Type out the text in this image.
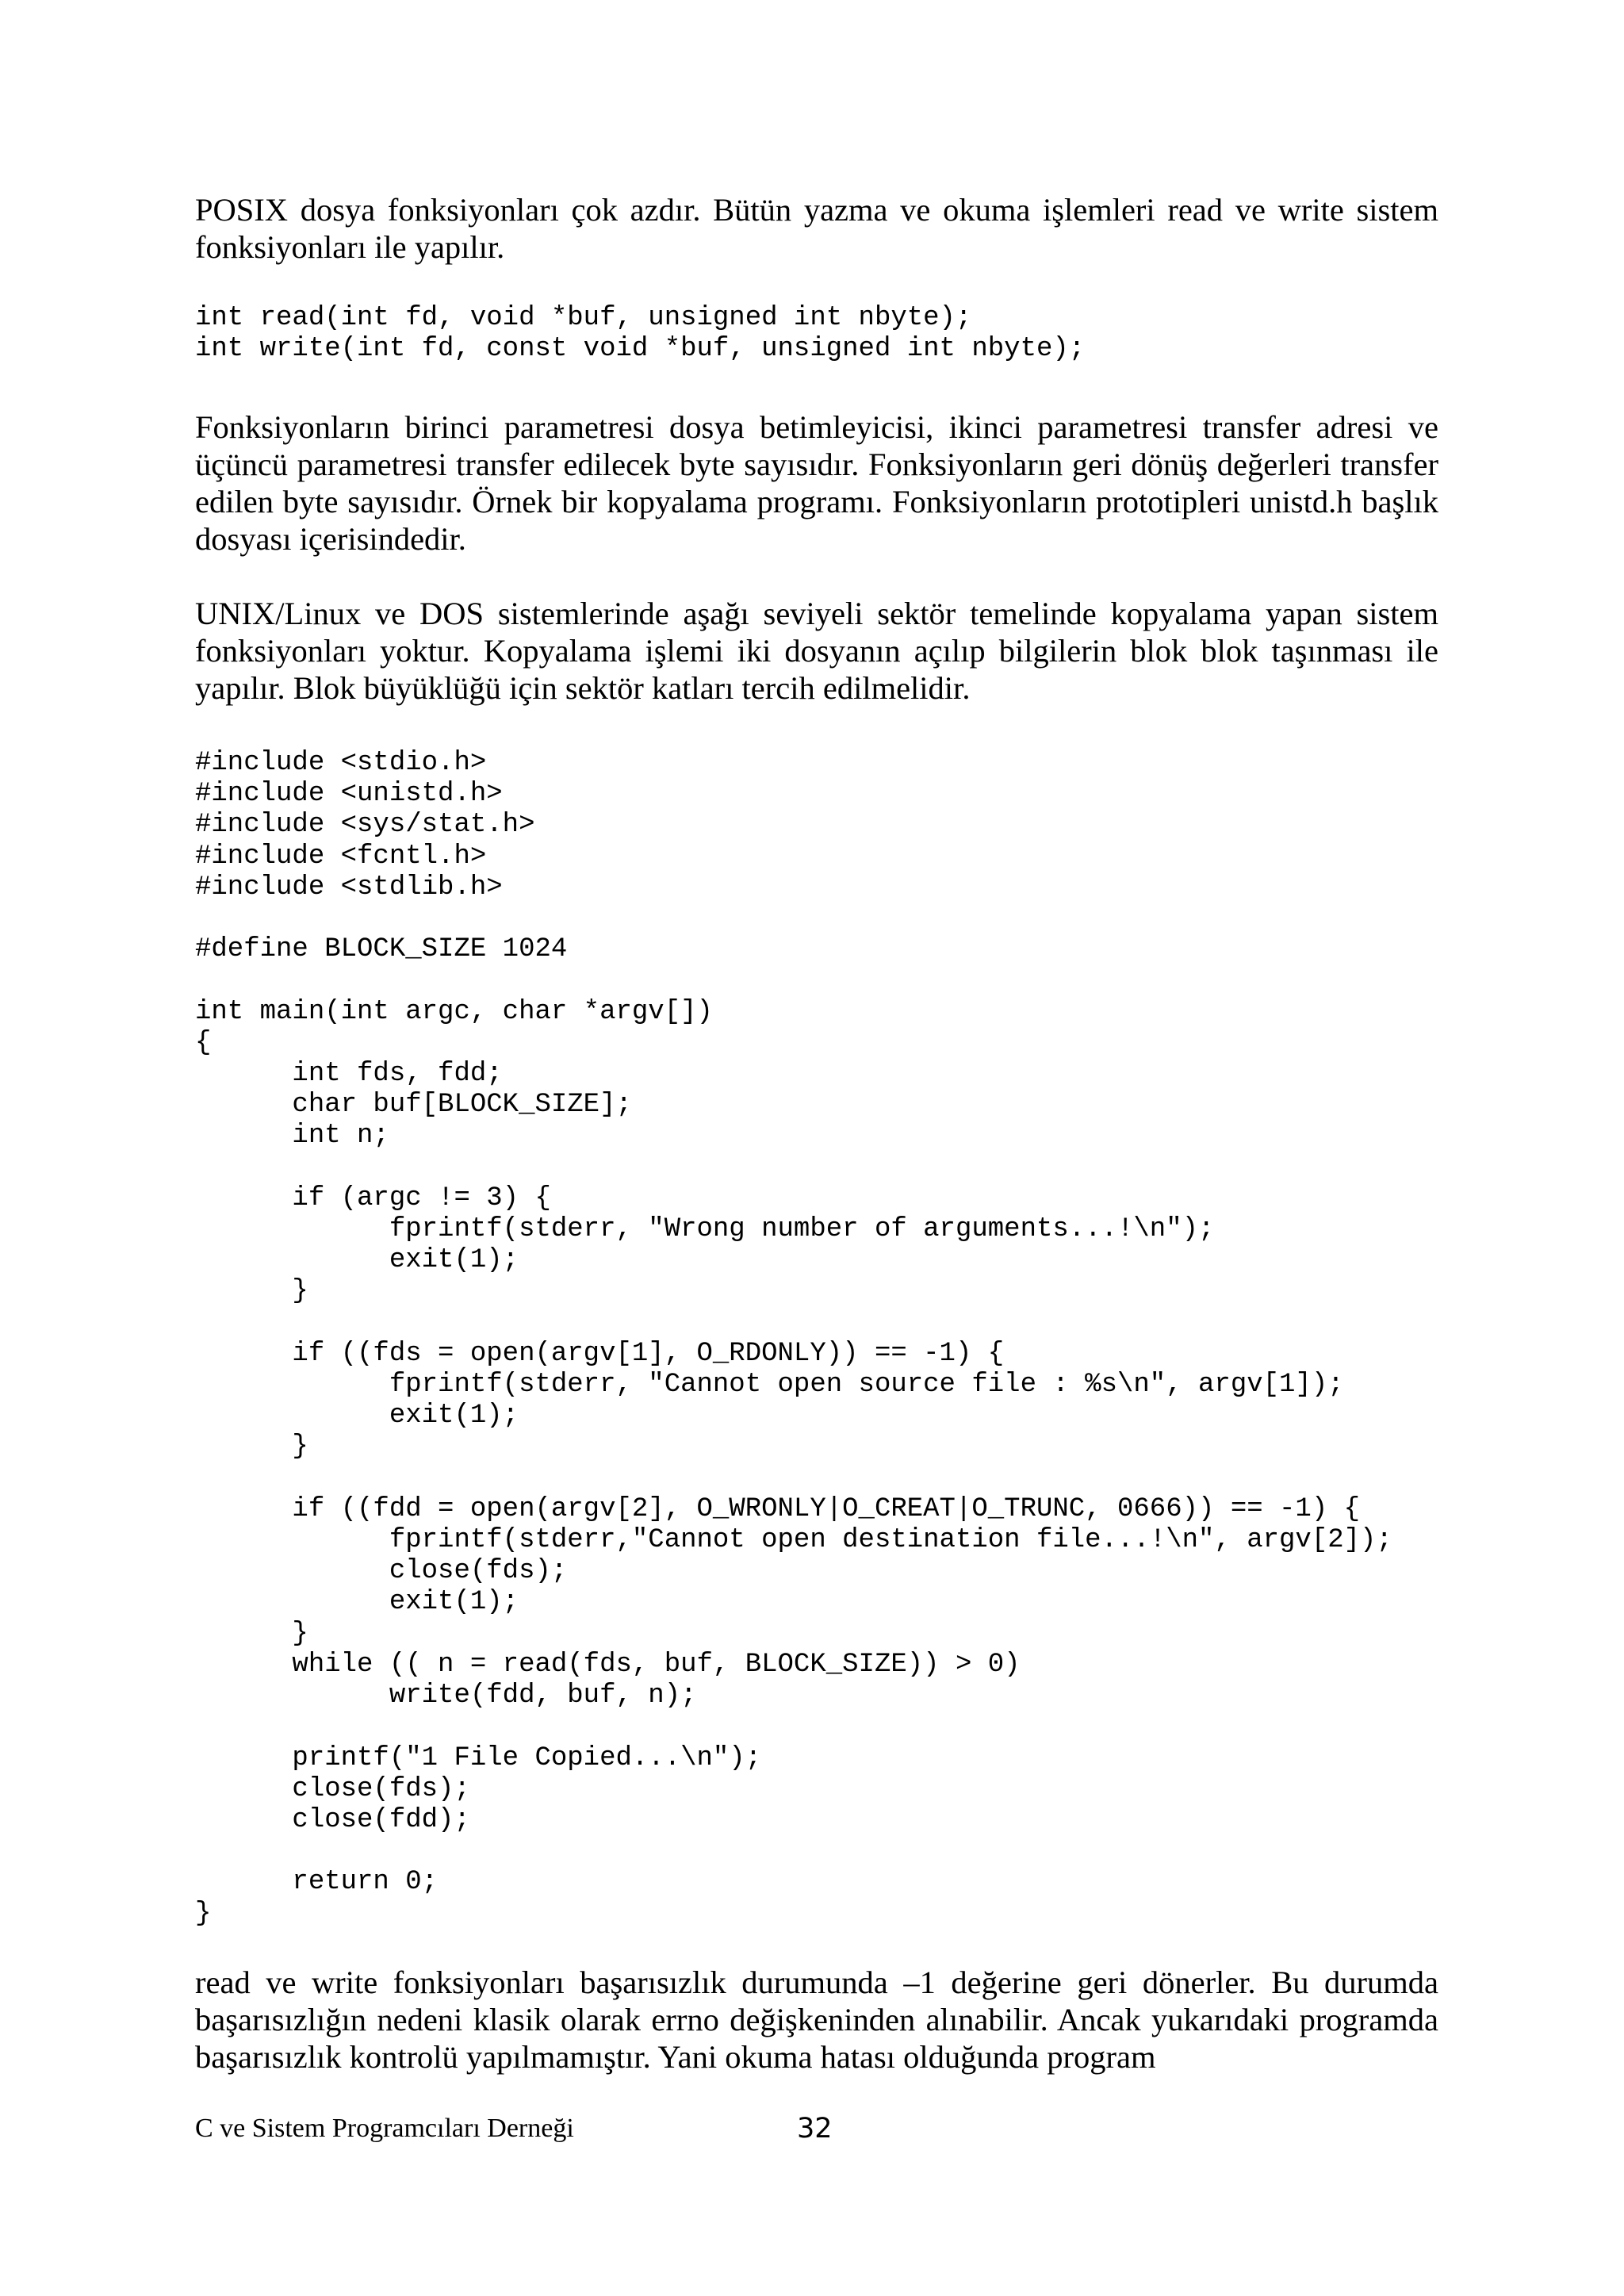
POSIX dosya fonksiyonları çok azdır. Bütün yazma ve okuma işlemleri read ve write sistem fonksiyonları ile yapılır.

int read(int fd, void *buf, unsigned int nbyte);
int write(int fd, const void *buf, unsigned int nbyte);

Fonksiyonların birinci parametresi dosya betimleyicisi, ikinci parametresi transfer adresi ve üçüncü parametresi transfer edilecek byte sayısıdır. Fonksiyonların geri dönüş değerleri transfer edilen byte sayısıdır. Örnek bir kopyalama programı. Fonksiyonların prototipleri unistd.h başlık dosyası içerisindedir.

UNIX/Linux ve DOS sistemlerinde aşağı seviyeli sektör temelinde kopyalama yapan sistem fonksiyonları yoktur. Kopyalama işlemi iki dosyanın açılıp bilgilerin blok blok taşınması ile yapılır. Blok büyüklüğü için sektör katları tercih edilmelidir.

#include <stdio.h>
#include <unistd.h>
#include <sys/stat.h>
#include <fcntl.h>
#include <stdlib.h>

#define BLOCK_SIZE 1024

int main(int argc, char *argv[])
{
int fds, fdd;
char buf[BLOCK_SIZE];
int n;

if (argc != 3) {
fprintf(stderr, "Wrong number of arguments...!\n");
exit(1);
}

if ((fds = open(argv[1], O_RDONLY)) == -1) {
fprintf(stderr, "Cannot open source file : %s\n", argv[1]);
exit(1);
}

if ((fdd = open(argv[2], O_WRONLY|O_CREAT|O_TRUNC, 0666)) == -1) {
fprintf(stderr,"Cannot open destination file...!\n", argv[2]);
close(fds);
exit(1);
}
while (( n = read(fds, buf, BLOCK_SIZE)) > 0)
write(fdd, buf, n);

printf("1 File Copied...\n");
close(fds);
close(fdd);

return 0;
}

read ve write fonksiyonları başarısızlık durumunda –1 değerine geri dönerler. Bu durumda başarısızlığın nedeni klasik olarak errno değişkeninden alınabilir. Ancak yukarıdaki programda başarısızlık kontrolü yapılmamıştır. Yani okuma hatası olduğunda program

C ve Sistem Programcıları Derneği	32
